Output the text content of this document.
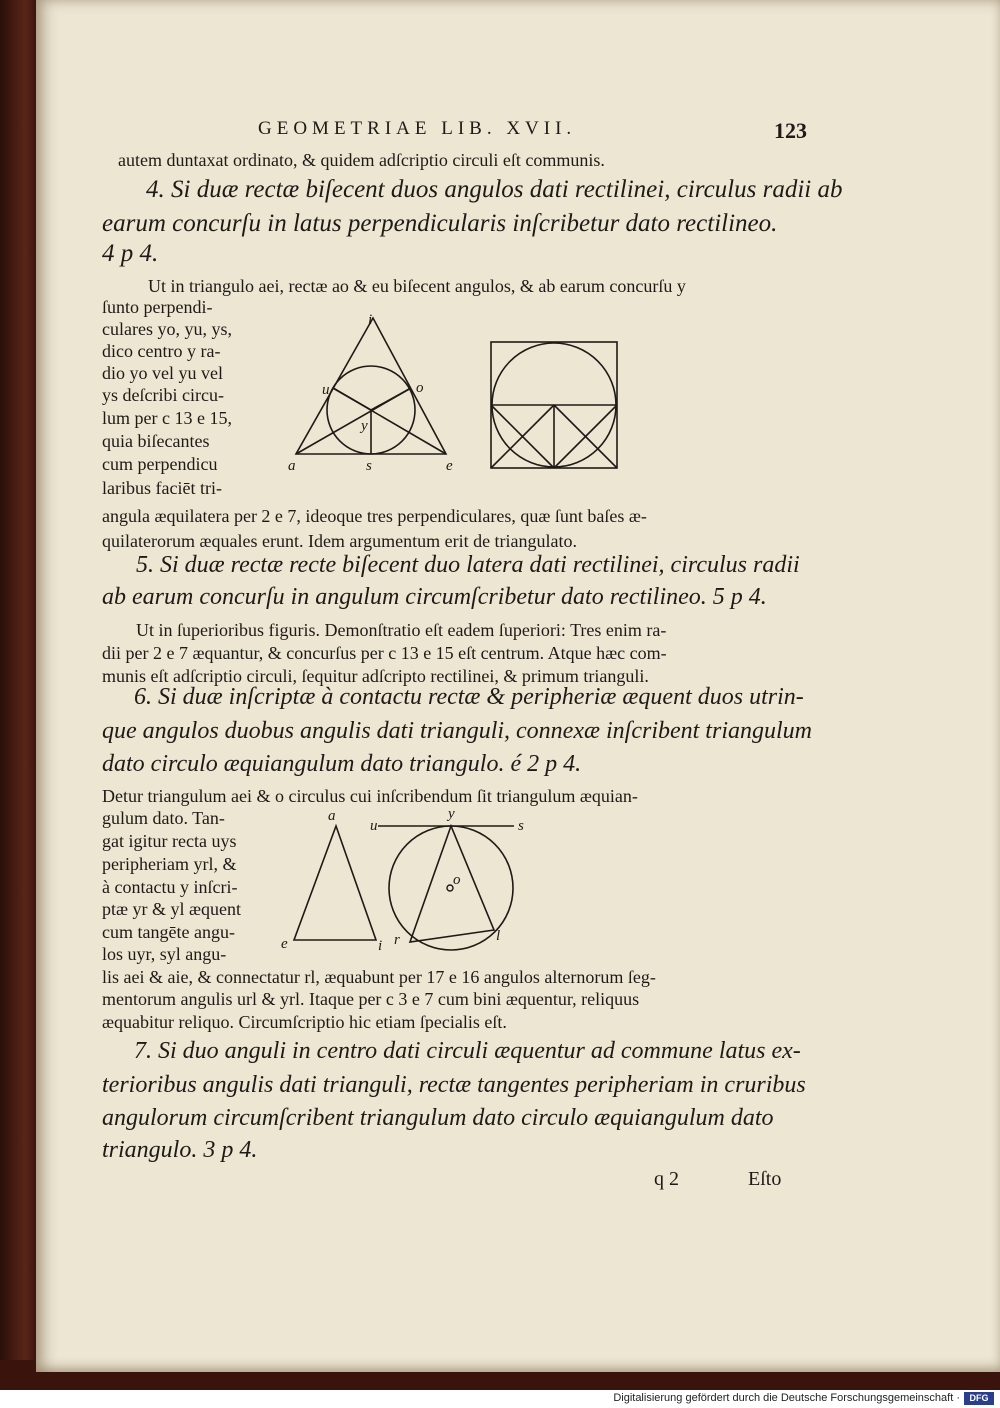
GEOMETRIAE LIB. XVII.	123
autem duntaxat ordinato, & quidem adſcriptio circuli eſt communis.
4. Si duæ rectæ biſecent duos angulos dati rectilinei, circulus radii ab
earum concurſu in latus perpendicularis inſcribetur dato rectilineo.
4 p 4.
Ut in triangulo aei, rectæ ao & eu biſecent angulos, & ab earum concurſu y
ſunto perpendi-
culares yo, yu, ys,
dico centro y ra-
dio yo vel yu vel
ys deſcribi circu-
lum per c 13 e 15,
quia biſecantes
cum perpendicu
laribus faciēt tri-
angula æquilatera per 2 e 7, ideoque tres perpendiculares, quæ ſunt baſes æ-
quilaterorum æquales erunt. Idem argumentum erit de triangulato.
i
u	o
y
a	s	e
5. Si duæ rectæ recte biſecent duo latera dati rectilinei, circulus radii
ab earum concurſu in angulum circumſcribetur dato rectilineo. 5 p 4.
Ut in ſuperioribus figuris. Demonſtratio eſt eadem ſuperiori: Tres enim ra-
dii per 2 e 7 æquantur, & concurſus per c 13 e 15 eſt centrum. Atque hæc com-
munis eſt adſcriptio circuli, ſequitur adſcripto rectilinei, & primum trianguli.
6. Si duæ inſcriptæ à contactu rectæ & peripheriæ æquent duos utrin-
que angulos duobus angulis dati trianguli, connexæ inſcribent triangulum
dato circulo æquiangulum dato triangulo. é 2 p 4.
Detur triangulum aei & o circulus cui inſcribendum ſit triangulum æquian-
gulum dato. Tan-
gat igitur recta uys
peripheriam yrl, &
à contactu y inſcri-
ptæ yr & yl æquent
cum tangēte angu-
los uyr, syl angu-
lis aei & aie, & connectatur rl, æquabunt per 17 e 16 angulos alternorum ſeg-
mentorum angulis url & yrl. Itaque per c 3 e 7 cum bini æquentur, reliquus
æquabitur reliquo. Circumſcriptio hic etiam ſpecialis eſt.
a
e	i
u
y
s
o
r	l
7. Si duo anguli in centro dati circuli æquentur ad commune latus ex-
terioribus angulis dati trianguli, rectæ tangentes peripheriam in cruribus
angulorum circumſcribent triangulum dato circulo æquiangulum dato
triangulo. 3 p 4.
q 2	Eſto
Digitalisierung gefördert durch die Deutsche Forschungsgemeinschaft ·	DFG
